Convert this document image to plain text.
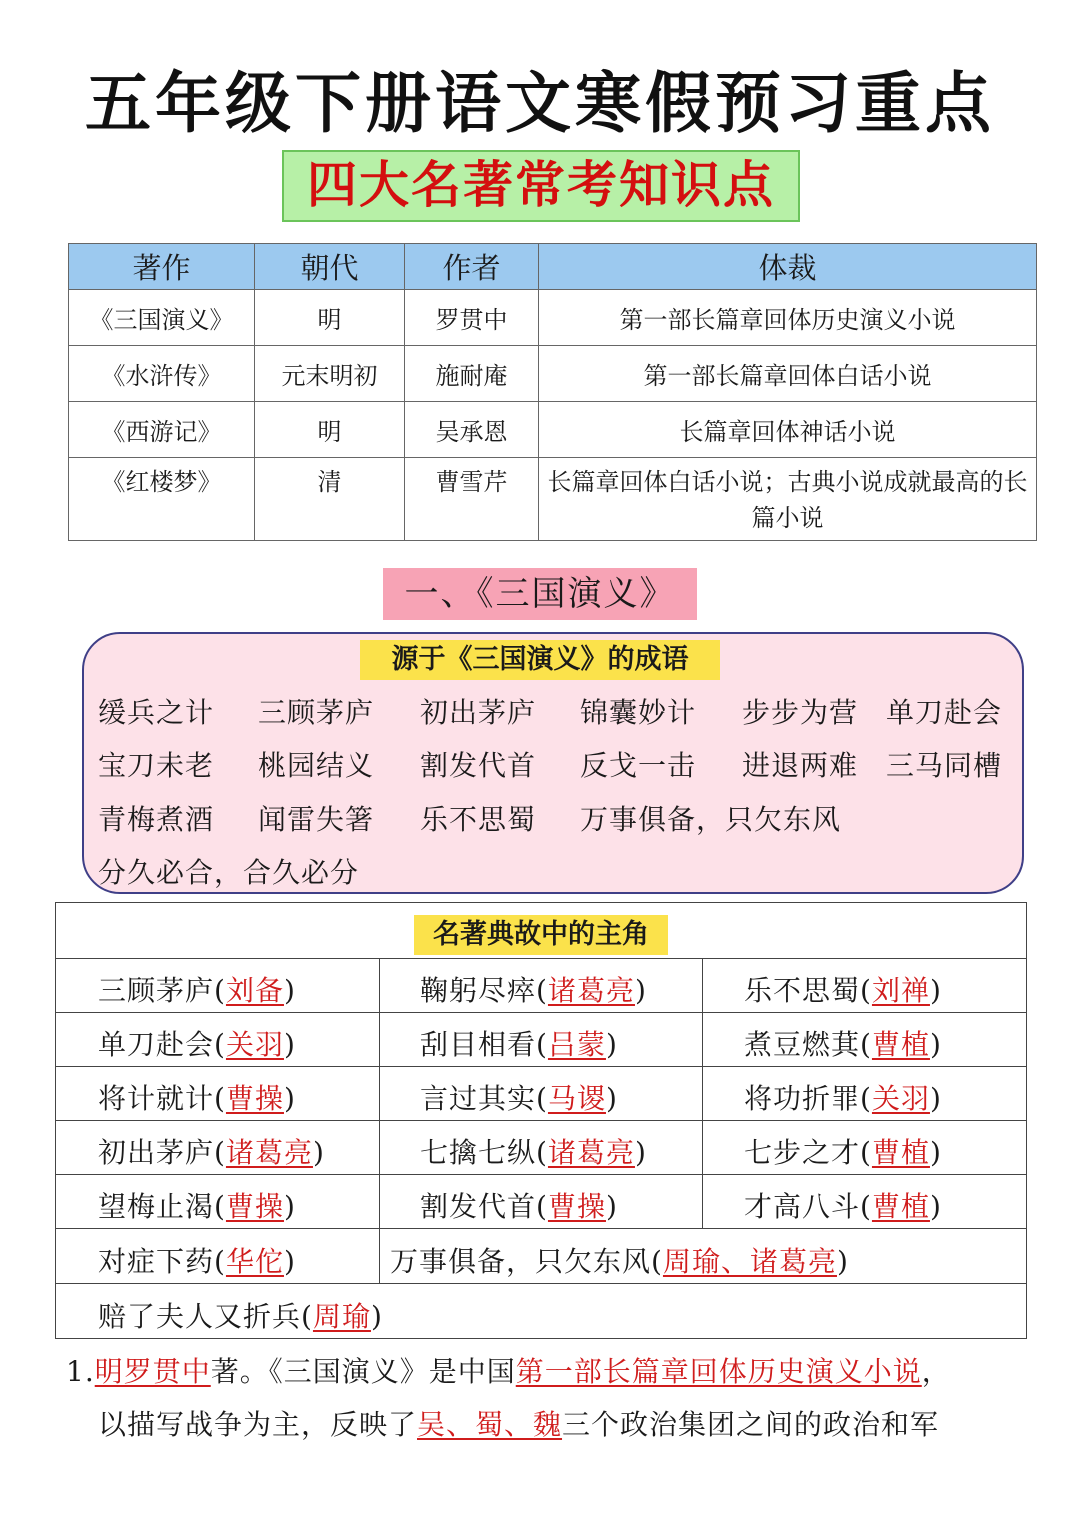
五年级下册语文寒假预习重点
四大名著常考知识点
著作	朝代	作者	体裁
《三国演义》	明	罗贯中	第一部长篇章回体历史演义小说
《水浒传》	元末明初	施耐庵	第一部长篇章回体白话小说
《西游记》	明	吴承恩	长篇章回体神话小说
《红楼梦》	清	曹雪芹	长篇章回体白话小说；古典小说成就最高的长篇小说
一、《三国演义》
源于《三国演义》的成语
缓兵之计 三顾茅庐 初出茅庐 锦囊妙计 步步为营 单刀赴会
宝刀未老 桃园结义 割发代首 反戈一击 进退两难 三马同槽
青梅煮酒 闻雷失箸 乐不思蜀 万事俱备，只欠东风
分久必合，合久必分
名著典故中的主角
三顾茅庐(刘备)	鞠躬尽瘁(诸葛亮)	乐不思蜀(刘禅)
单刀赴会(关羽)	刮目相看(吕蒙)	煮豆燃萁(曹植)
将计就计(曹操)	言过其实(马谡)	将功折罪(关羽)
初出茅庐(诸葛亮)	七擒七纵(诸葛亮)	七步之才(曹植)
望梅止渴(曹操)	割发代首(曹操)	才高八斗(曹植)
对症下药(华佗)	万事俱备，只欠东风(周瑜、诸葛亮)
赔了夫人又折兵(周瑜)
1.明罗贯中著。《三国演义》是中国第一部长篇章回体历史演义小说，
以描写战争为主，反映了吴、蜀、魏三个政治集团之间的政治和军
